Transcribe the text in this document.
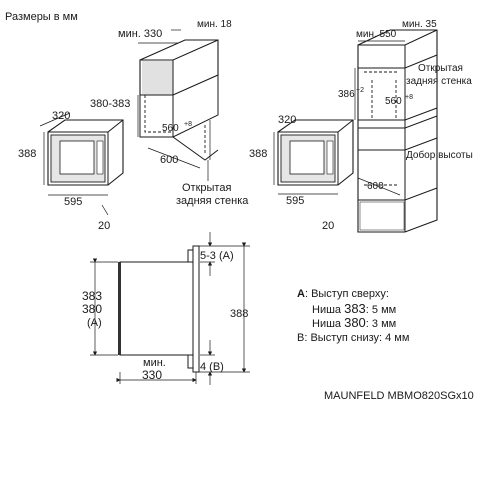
Размеры в мм
мин. 330
мин. 18
380-383
560 +8
600
Открытая
задняя стенка
320
388
595
20
мин. 550
мин. 35
386 +2
560 +8
Открытая
задняя стенка
Добор высоты
600
320
388
595
20
383
380
(A)
мин.
330
5-3 (A)
4 (B)
388
A: Выступ сверху:
Ниша 383: 5 мм
Ниша 380: 3 мм
B: Выступ снизу: 4 мм
MAUNFELD MBMO820SGx10
